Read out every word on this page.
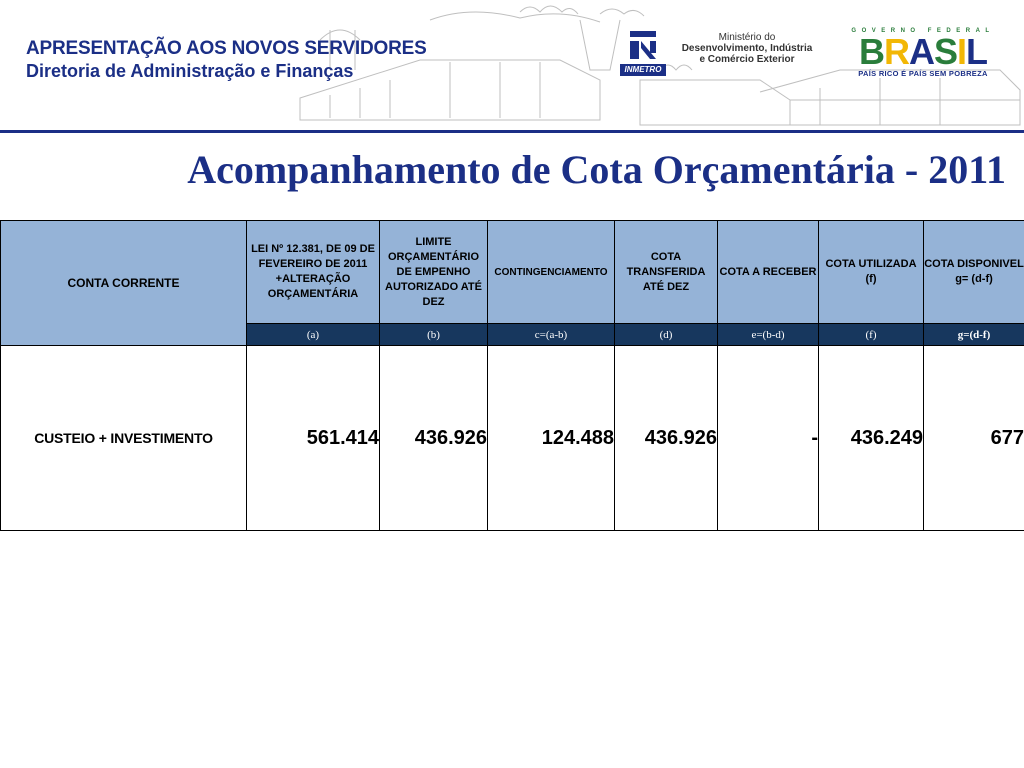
APRESENTAÇÃO AOS NOVOS SERVIDORES
Diretoria de Administração e Finanças	INMETRO
Ministério do
Desenvolvimento, Indústria
e Comércio Exterior
GOVERNO FEDERAL
BRASIL
PAÍS RICO É PAÍS SEM POBREZA
Acompanhamento de Cota Orçamentária - 2011
CONTA CORRENTE	LEI Nº 12.381, DE 09 DE FEVEREIRO DE 2011 +ALTERAÇÃO ORÇAMENTÁRIA	LIMITE ORÇAMENTÁRIO DE EMPENHO AUTORIZADO ATÉ DEZ	CONTINGENCIAMENTO	COTA TRANSFERIDA ATÉ DEZ	COTA A RECEBER	COTA UTILIZADA (f)	COTA DISPONIVEL g= (d-f)
	(a)	(b)	c=(a-b)	(d)	e=(b-d)	(f)	g=(d-f)
CUSTEIO + INVESTIMENTO	561.414	436.926	124.488	436.926	-	436.249	677
